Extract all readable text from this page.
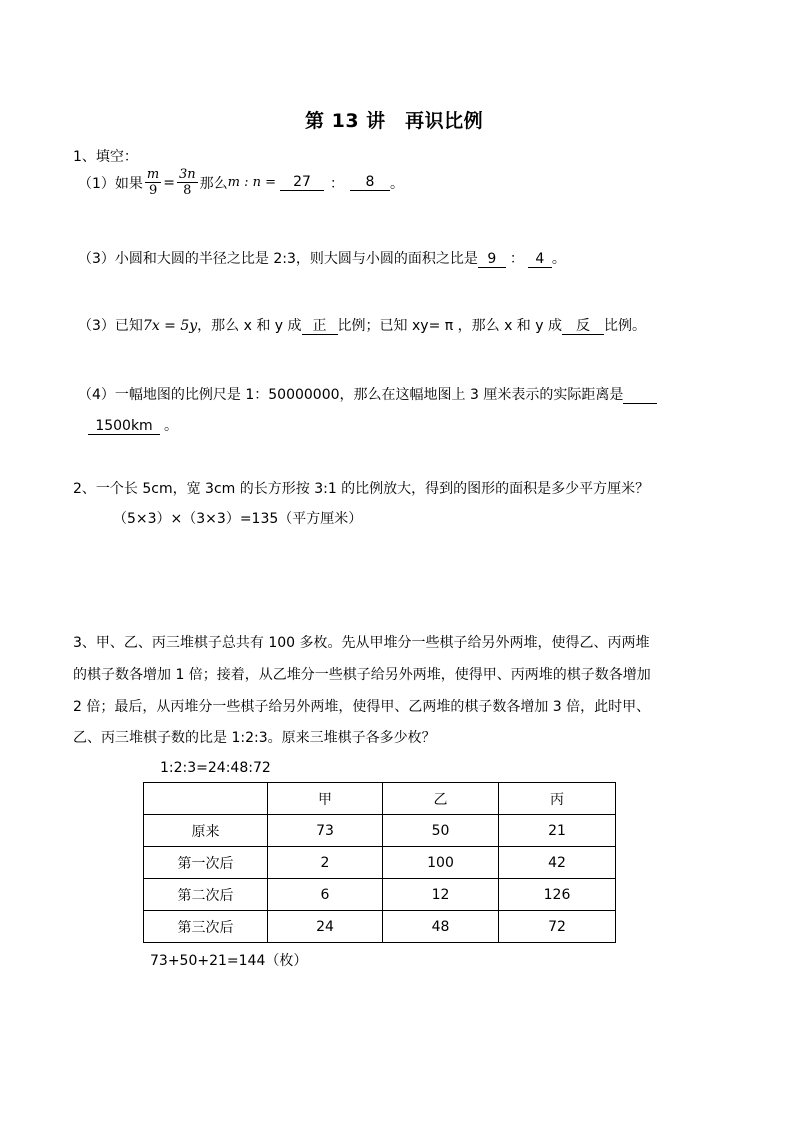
第 13 讲　再识比例
1、填空：
（1）如果 $\frac{m}{9} = \frac{3n}{8}$ 那么 m : n =	27	：	8	。
（3）小圆和大圆的半径之比是 2:3，则大圆与小圆的面积之比是 9 ： 4 。
（3）已知7x = 5y，那么 x 和 y 成 正 比例；已知 xy= π ，那么 x 和 y 成 反 比例。
（4）一幅地图的比例尺是 1：50000000，那么在这幅地图上 3 厘米表示的实际距离是
1500km 。
2、一个长 5cm，宽 3cm 的长方形按 3:1 的比例放大，得到的图形的面积是多少平方厘米？
（5×3）×（3×3）=135（平方厘米）
3、甲、乙、丙三堆棋子总共有 100 多枚。先从甲堆分一些棋子给另外两堆，使得乙、丙两堆
的棋子数各增加 1 倍；接着，从乙堆分一些棋子给另外两堆，使得甲、丙两堆的棋子数各增加
2 倍；最后，从丙堆分一些棋子给另外两堆，使得甲、乙两堆的棋子数各增加 3 倍，此时甲、
乙、丙三堆棋子数的比是 1:2:3。原来三堆棋子各多少枚？
1:2:3=24:48:72
	甲	乙	丙
原来	73	50	21
第一次后	2	100	42
第二次后	6	12	126
第三次后	24	48	72
73+50+21=144（枚）
